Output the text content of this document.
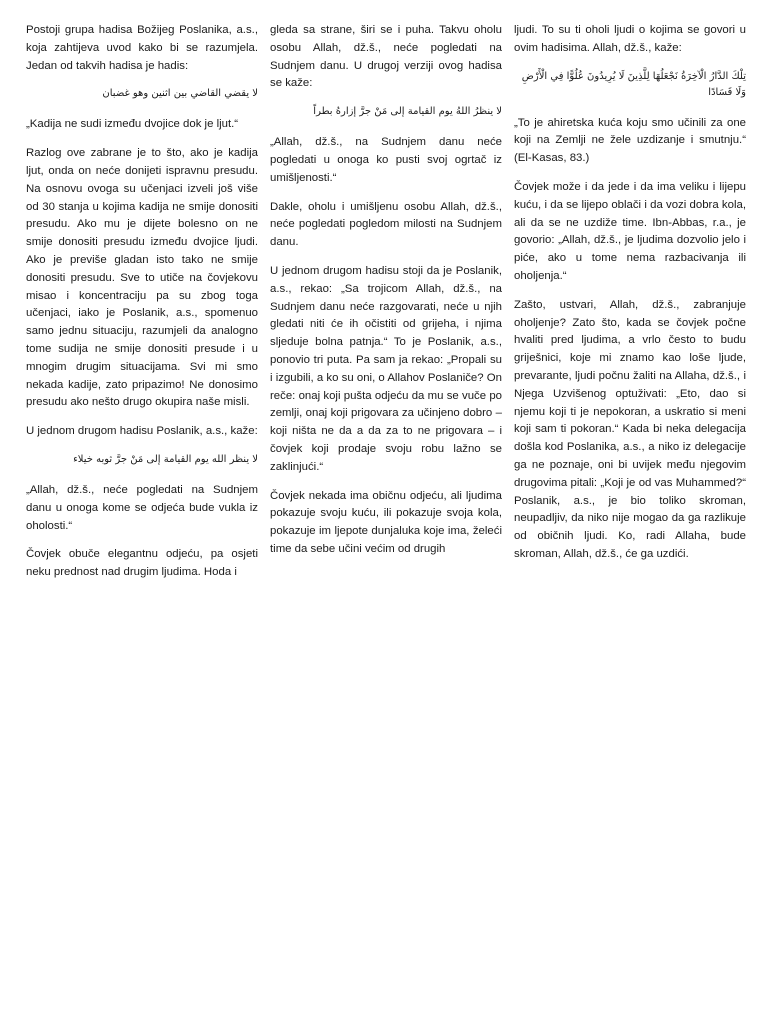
Postoji grupa hadisa Božijeg Poslanika, a.s., koja zahtijeva uvod kako bi se razumjela. Jedan od takvih hadisa je hadis:

لا يقضي القاضي بين اثنين وهو غضبان

„Kadija ne sudi između dvojice dok je ljut.“

Razlog ove zabrane je to što, ako je kadija ljut, onda on neće donijeti ispravnu presudu. Na osnovu ovoga su učenjaci izveli još više od 30 stanja u kojima kadija ne smije donositi presudu. Ako mu je dijete bolesno on ne smije donositi presudu između dvojice ljudi. Ako je previše gladan isto tako ne smije donositi presudu. Sve to utiče na čovjekovu misao i koncentraciju pa su zbog toga učenjaci, iako je Poslanik, a.s., spomenuo samo jednu situaciju, razumjeli da analogno tome sudija ne smije donositi presude i u mnogim drugim situacijama. Svi mi smo nekada kadije, zato pripazimo! Ne donosimo presudu ako nešto drugo okupira naše misli.

U jednom drugom hadisu Poslanik, a.s., kaže:

لا ينظر الله يوم القيامة إلى مَنْ جرَّ ثوبه خيلاء

„Allah, dž.š., neće pogledati na Sudnjem danu u onoga kome se odjeća bude vukla iz oholosti.“

Čovjek obuče elegantnu odjeću, pa osjeti neku prednost nad drugim ljudima. Hoda i

gleda sa strane, širi se i puha. Takvu oholu osobu Allah, dž.š., neće pogledati na Sudnjem danu. U drugoj verziji ovog hadisa se kaže:

لا ينظرُ اللهُ يوم القيامة إلى مَنْ جرَّ إزارهُ بطراً

„Allah, dž.š., na Sudnjem danu neće pogledati u onoga ko pusti svoj ogrtač iz umišljenosti.“

Dakle, oholu i umišljenu osobu Allah, dž.š., neće pogledati pogledom milosti na Sudnjem danu.

U jednom drugom hadisu stoji da je Poslanik, a.s., rekao: „Sa trojicom Allah, dž.š., na Sudnjem danu neće razgovarati, neće u njih gledati niti će ih očistiti od grijeha, i njima sljeduje bolna patnja.“ To je Poslanik, a.s., ponovio tri puta. Pa sam ja rekao: „Propali su i izgubili, a ko su oni, o Allahov Poslaniče? On reče: onaj koji pušta odjeću da mu se vuče po zemlji, onaj koji prigovara za učinjeno dobro – koji ništa ne da a da za to ne prigovara – i čovjek koji prodaje svoju robu lažno se zaklinjući.“

Čovjek nekada ima običnu odjeću, ali ljudima pokazuje svoju kuću, ili pokazuje svoja kola, pokazuje im ljepote dunjaluka koje ima, želeći time da sebe učini većim od drugih

ljudi. To su ti oholi ljudi o kojima se govori u ovim hadisima. Allah, dž.š., kaže:

تِلْكَ الدَّارُ الْآخِرَةُ نَجْعَلُهَا لِلَّذِينَ لَا يُرِيدُونَ عُلُوًّا فِي الْأَرْضِ وَلَا فَسَادًا

„To je ahiretska kuća koju smo učinili za one koji na Zemlji ne žele uzdizanje i smutnju.“ (El-Kasas, 83.)

Čovjek može i da jede i da ima veliku i lijepu kuću, i da se lijepo oblači i da vozi dobra kola, ali da se ne uzdiže time. Ibn-Abbas, r.a., je govorio: „Allah, dž.š., je ljudima dozvolio jelo i piće, ako u tome nema razbacivanja ili oholjenja.“

Zašto, ustvari, Allah, dž.š., zabranjuje oholjenje? Zato što, kada se čovjek počne hvaliti pred ljudima, a vrlo često to budu griješnici, koje mi znamo kao loše ljude, prevarante, ljudi počnu žaliti na Allaha, dž.š., i Njega Uzvišenog optuživati: „Eto, dao si njemu koji ti je nepokoran, a uskratio si meni koji sam ti pokoran.“ Kada bi neka delegacija došla kod Poslanika, a.s., a niko iz delegacije ga ne poznaje, oni bi uvijek među njegovim drugovima pitali: „Koji je od vas Muhammed?“ Poslanik, a.s., je bio toliko skroman, neupadljiv, da niko nije mogao da ga razlikuje od običnih ljudi. Ko, radi Allaha, bude skroman, Allah, dž.š., će ga uzdići.
